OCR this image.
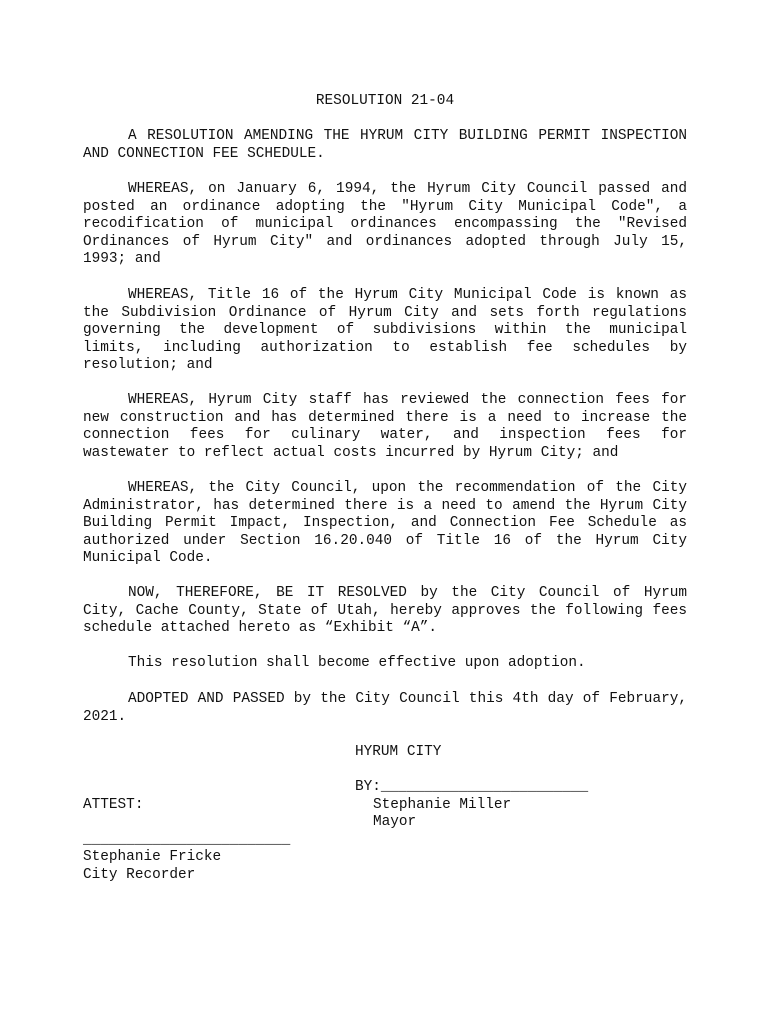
RESOLUTION 21-04

A RESOLUTION AMENDING THE HYRUM CITY BUILDING PERMIT INSPECTION AND CONNECTION FEE SCHEDULE.

WHEREAS, on January 6, 1994, the Hyrum City Council passed and posted an ordinance adopting the "Hyrum City Municipal Code", a recodification of municipal ordinances encompassing the "Revised Ordinances of Hyrum City" and ordinances adopted through July 15, 1993; and

WHEREAS, Title 16 of the Hyrum City Municipal Code is known as the Subdivision Ordinance of Hyrum City and sets forth regulations governing the development of subdivisions within the municipal limits, including authorization to establish fee schedules by resolution; and

WHEREAS, Hyrum City staff has reviewed the connection fees for new construction and has determined there is a need to increase the connection fees for culinary water, and inspection fees for wastewater to reflect actual costs incurred by Hyrum City; and

WHEREAS, the City Council, upon the recommendation of the City Administrator, has determined there is a need to amend the Hyrum City Building Permit Impact, Inspection, and Connection Fee Schedule as authorized under Section 16.20.040 of Title 16 of the Hyrum City Municipal Code.

NOW, THEREFORE, BE IT RESOLVED by the City Council of Hyrum City, Cache County, State of Utah, hereby approves the following fees schedule attached hereto as “Exhibit “A”.

This resolution shall become effective upon adoption.

ADOPTED AND PASSED by the City Council this 4th day of February, 2021.

HYRUM CITY
BY:________________________
Stephanie Miller
Mayor
ATTEST:
________________________
Stephanie Fricke
City Recorder
